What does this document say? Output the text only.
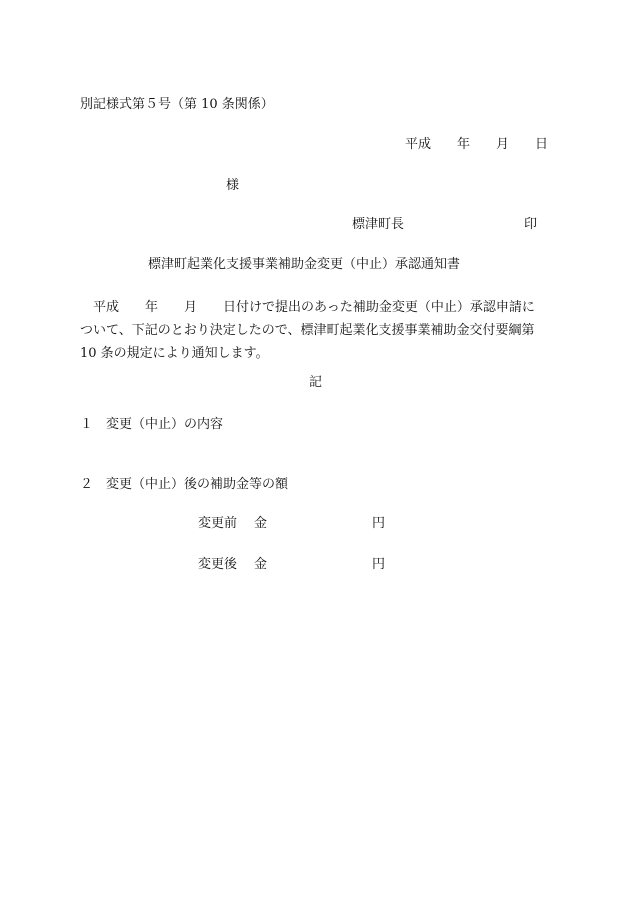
別記様式第５号（第 10 条関係）
平成　　年　　月　　日
様
標津町長	印
標津町起業化支援事業補助金変更（中止）承認通知書
　平成　　年　　月　　日付けで提出のあった補助金変更（中止）承認申請に
ついて、下記のとおり決定したので、標津町起業化支援事業補助金交付要綱第
10 条の規定により通知します。
記
１　変更（中止）の内容
２　変更（中止）後の補助金等の額
変更前 金	円
変更後 金	円
